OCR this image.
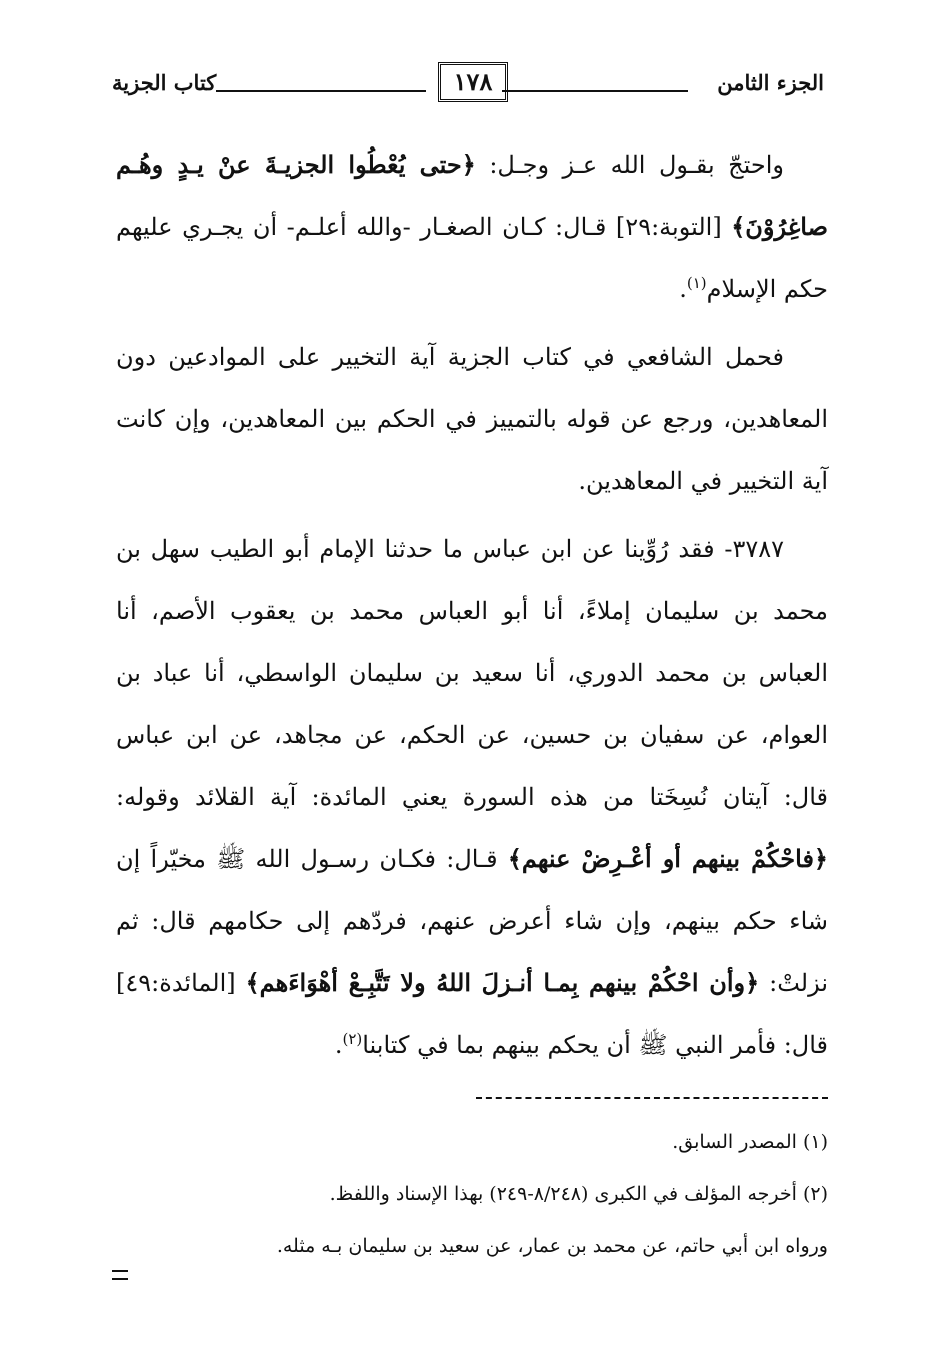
الجزء الثامن
١٧٨
كتاب الجزية

واحتجّ بقـول الله عـز وجـل: ﴿حتى يُعْطُوا الجزيـةَ عنْ يـدٍ وهُـم صاغِرُوْنَ﴾ [التوبة:٢٩] قـال: كـان الصغـار -والله أعلـم- أن يجـري عليهم حكم الإسلام$^{(١)}$.

فحمل الشافعي في كتاب الجزية آية التخيير على الموادعين دون المعاهدين، ورجع عن قوله بالتمييز في الحكم بين المعاهدين، وإن كانت آية التخيير في المعاهدين.

٣٧٨٧- فقد رُوِّينا عن ابن عباس ما حدثنا الإمام أبو الطيب سهل بن محمد بن سليمان إملاءً، أنا أبو العباس محمد بن يعقوب الأصم، أنا العباس بن محمد الدوري، أنا سعيد بن سليمان الواسطي، أنا عباد بن العوام، عن سفيان بن حسين، عن الحكم، عن مجاهد، عن ابن عباس قال: آيتان نُسِخَتا من هذه السورة يعني المائدة: آية القلائد وقوله: ﴿فاحْكُمْ بينهم أو أعْـرِضْ عنهم﴾ قـال: فكـان رسـول الله ﷺ مخيّراً إن شاء حكم بينهم، وإن شاء أعرض عنهم، فردّهم إلى حكامهم قال: ثم نزلتْ: ﴿وأن احْكُمْ بينهم بِمـا أنـزلَ اللهُ ولا تَتَّبِـعْ أهْوَاءَهم﴾ [المائدة:٤٩] قال: فأمر النبي ﷺ أن يحكم بينهم بما في كتابنا$^{(٢)}$.

(١) المصدر السابق.

(٢) أخرجه المؤلف في الكبرى (٨/٢٤٨-٢٤٩) بهذا الإسناد واللفظ.

ورواه ابن أبي حاتم، عن محمد بن عمار، عن سعيد بن سليمان بـه مثله.
